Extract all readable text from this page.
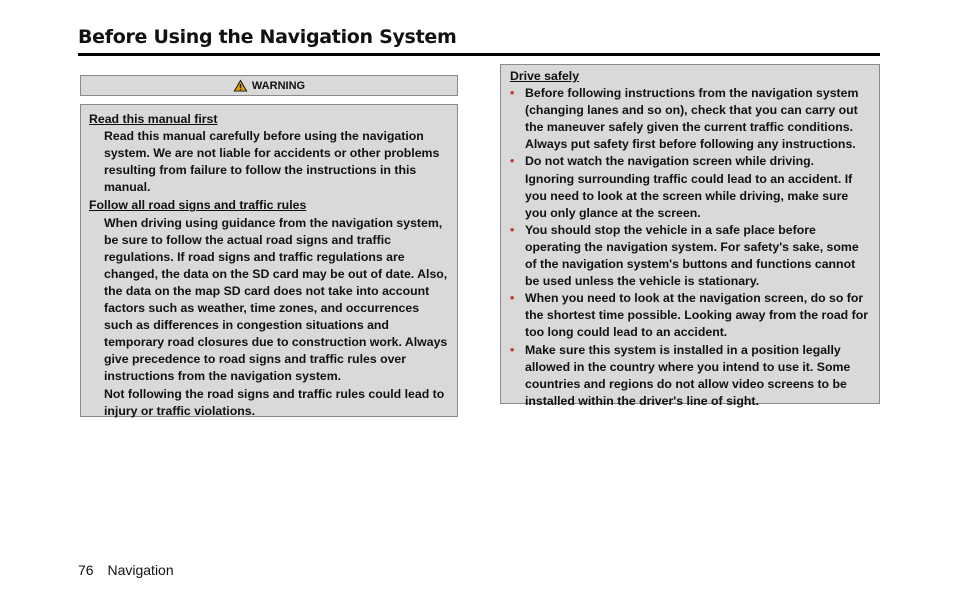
Before Using the Navigation System
WARNING
Read this manual first

Read this manual carefully before using the navigation system. We are not liable for accidents or other problems resulting from failure to follow the instructions in this manual.

Follow all road signs and traffic rules

When driving using guidance from the navigation system, be sure to follow the actual road signs and traffic regulations. If road signs and traffic regulations are changed, the data on the SD card may be out of date. Also, the data on the map SD card does not take into account factors such as weather, time zones, and occurrences such as differences in congestion situations and temporary road closures due to construction work. Always give precedence to road signs and traffic rules over instructions from the navigation system.

Not following the road signs and traffic rules could lead to injury or traffic violations.

Drive safely

• Before following instructions from the navigation system (changing lanes and so on), check that you can carry out the maneuver safely given the current traffic conditions. Always put safety first before following any instructions.

• Do not watch the navigation screen while driving.

Ignoring surrounding traffic could lead to an accident. If you need to look at the screen while driving, make sure you only glance at the screen.

• You should stop the vehicle in a safe place before operating the navigation system. For safety's sake, some of the navigation system's buttons and functions cannot be used unless the vehicle is stationary.

• When you need to look at the navigation screen, do so for the shortest time possible. Looking away from the road for too long could lead to an accident.

• Make sure this system is installed in a position legally allowed in the country where you intend to use it. Some countries and regions do not allow video screens to be installed within the driver's line of sight.

76 Navigation
